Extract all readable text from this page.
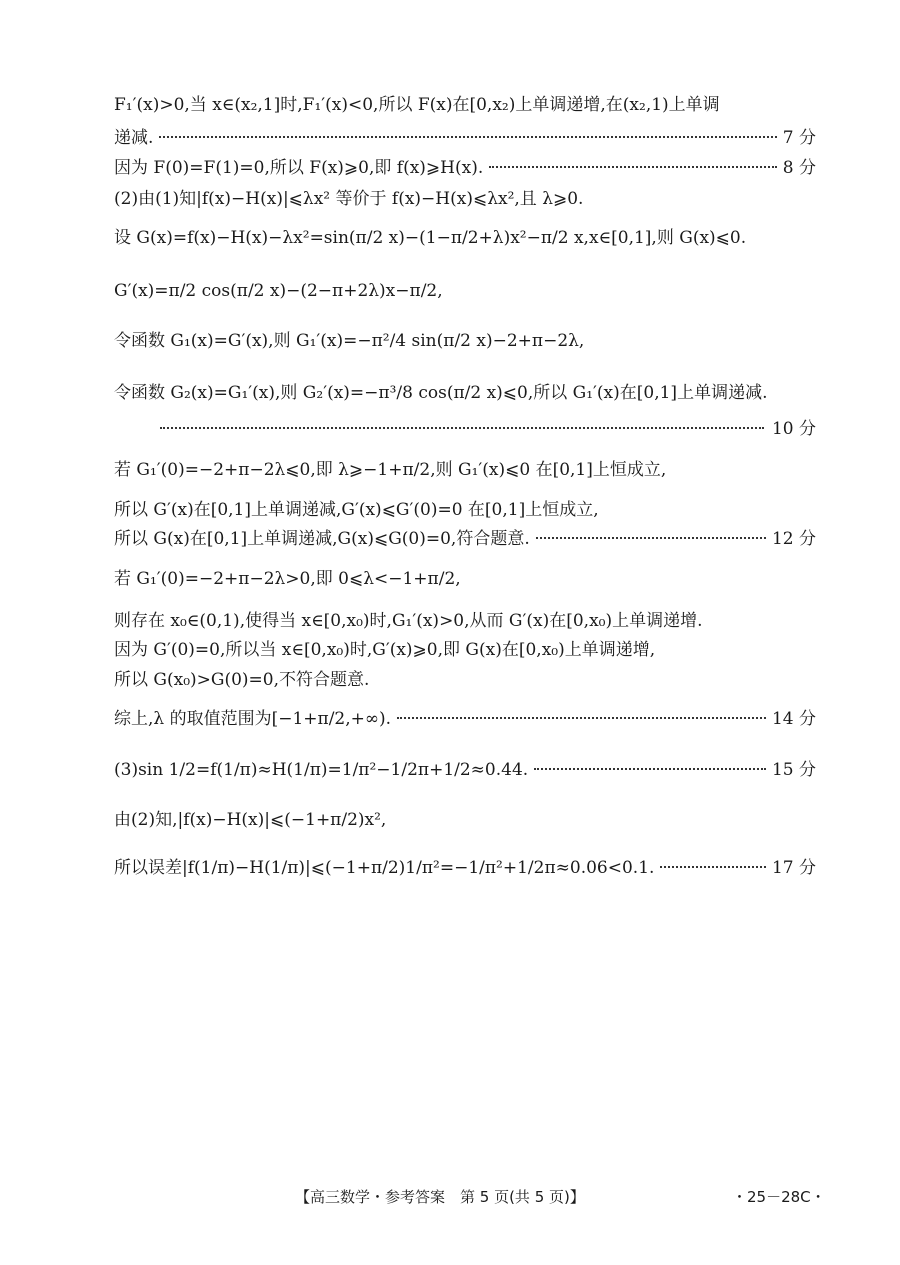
F₁′(x)>0,当 x∈(x₂,1]时,F₁′(x)<0,所以 F(x)在[0,x₂)上单调递增,在(x₂,1)上单调
递减.	7 分
因为 F(0)=F(1)=0,所以 F(x)⩾0,即 f(x)⩾H(x).	8 分
(2)由(1)知|f(x)−H(x)|⩽λx² 等价于 f(x)−H(x)⩽λx²,且 λ⩾0.
设 G(x)=f(x)−H(x)−λx²=sin(π/2 x)−(1−π/2+λ)x²−π/2 x,x∈[0,1],则 G(x)⩽0.
G′(x)=π/2 cos(π/2 x)−(2−π+2λ)x−π/2,
令函数 G₁(x)=G′(x),则 G₁′(x)=−π²/4 sin(π/2 x)−2+π−2λ,
令函数 G₂(x)=G₁′(x),则 G₂′(x)=−π³/8 cos(π/2 x)⩽0,所以 G₁′(x)在[0,1]上单调递减.
10 分
若 G₁′(0)=−2+π−2λ⩽0,即 λ⩾−1+π/2,则 G₁′(x)⩽0 在[0,1]上恒成立,
所以 G′(x)在[0,1]上单调递减,G′(x)⩽G′(0)=0 在[0,1]上恒成立,
所以 G(x)在[0,1]上单调递减,G(x)⩽G(0)=0,符合题意.	12 分
若 G₁′(0)=−2+π−2λ>0,即 0⩽λ<−1+π/2,
则存在 x₀∈(0,1),使得当 x∈[0,x₀)时,G₁′(x)>0,从而 G′(x)在[0,x₀)上单调递增.
因为 G′(0)=0,所以当 x∈[0,x₀)时,G′(x)⩾0,即 G(x)在[0,x₀)上单调递增,
所以 G(x₀)>G(0)=0,不符合题意.
综上,λ 的取值范围为[−1+π/2,+∞).	14 分
(3)sin 1/2=f(1/π)≈H(1/π)=1/π²−1/2π+1/2≈0.44.	15 分
由(2)知,|f(x)−H(x)|⩽(−1+π/2)x²,
所以误差|f(1/π)−H(1/π)|⩽(−1+π/2)1/π²=−1/π²+1/2π≈0.06<0.1.	17 分
【高三数学・参考答案　第 5 页(共 5 页)】	・25－28C・
